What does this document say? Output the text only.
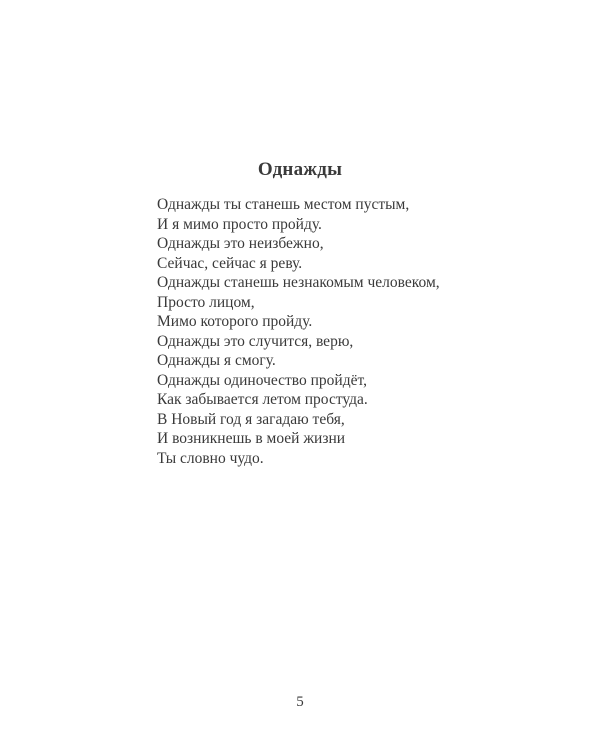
Однажды
Однажды ты станешь местом пустым,
И я мимо просто пройду.
Однажды это неизбежно,
Сейчас, сейчас я реву.
Однажды станешь незнакомым человеком,
Просто лицом,
Мимо которого пройду.
Однажды это случится, верю,
Однажды я смогу.
Однажды одиночество пройдёт,
Как забывается летом простуда.
В Новый год я загадаю тебя,
И возникнешь в моей жизни
Ты словно чудо.
5
